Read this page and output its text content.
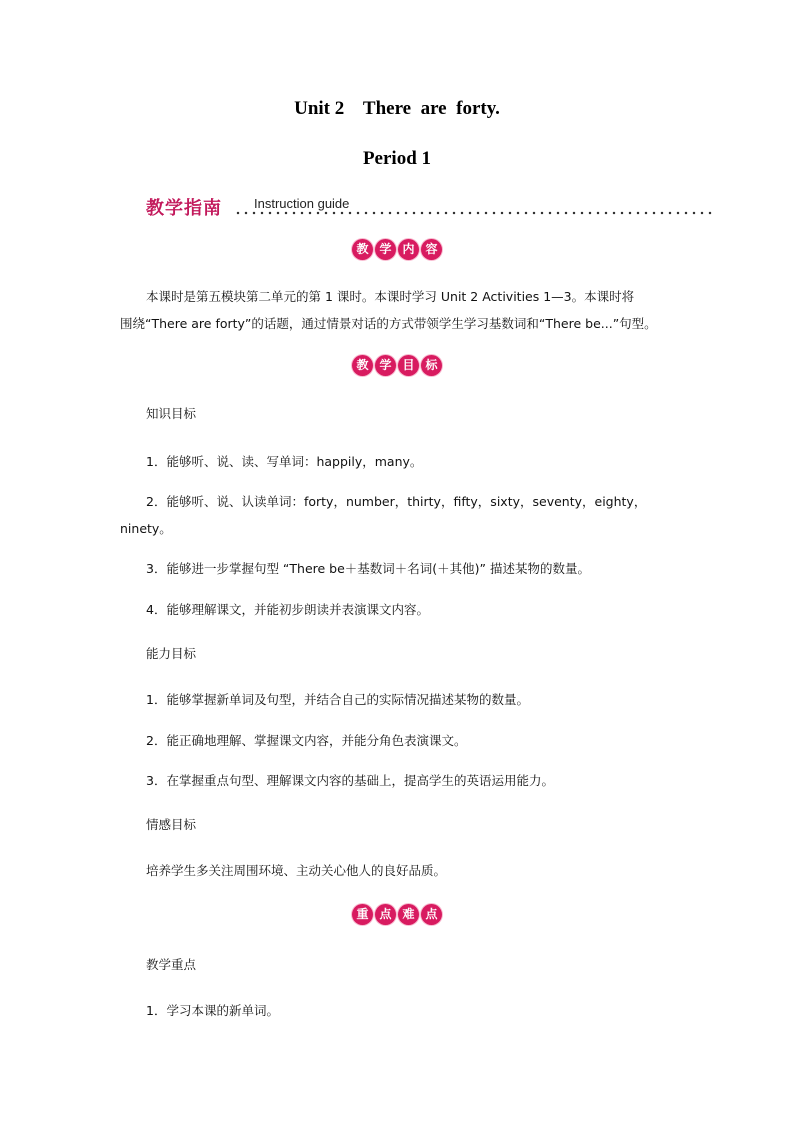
Unit 2    There  are  forty.
Period 1
教学指南 Instruction guide
教 学 内 容
本课时是第五模块第二单元的第 1 课时。本课时学习 Unit 2 Activities 1—3。本课时将
围绕“There are forty”的话题，通过情景对话的方式带领学生学习基数词和“There be...”句型。
教 学 目 标
知识目标
1．能够听、说、读、写单词：happily，many。
2．能够听、说、认读单词：forty，number，thirty，fifty，sixty，seventy，eighty，
ninety。
3．能够进一步掌握句型 “There be＋基数词＋名词(＋其他)” 描述某物的数量。
4．能够理解课文，并能初步朗读并表演课文内容。
能力目标
1．能够掌握新单词及句型，并结合自己的实际情况描述某物的数量。
2．能正确地理解、掌握课文内容，并能分角色表演课文。
3．在掌握重点句型、理解课文内容的基础上，提高学生的英语运用能力。
情感目标
培养学生多关注周围环境、主动关心他人的良好品质。
重 点 难 点
教学重点
1．学习本课的新单词。
